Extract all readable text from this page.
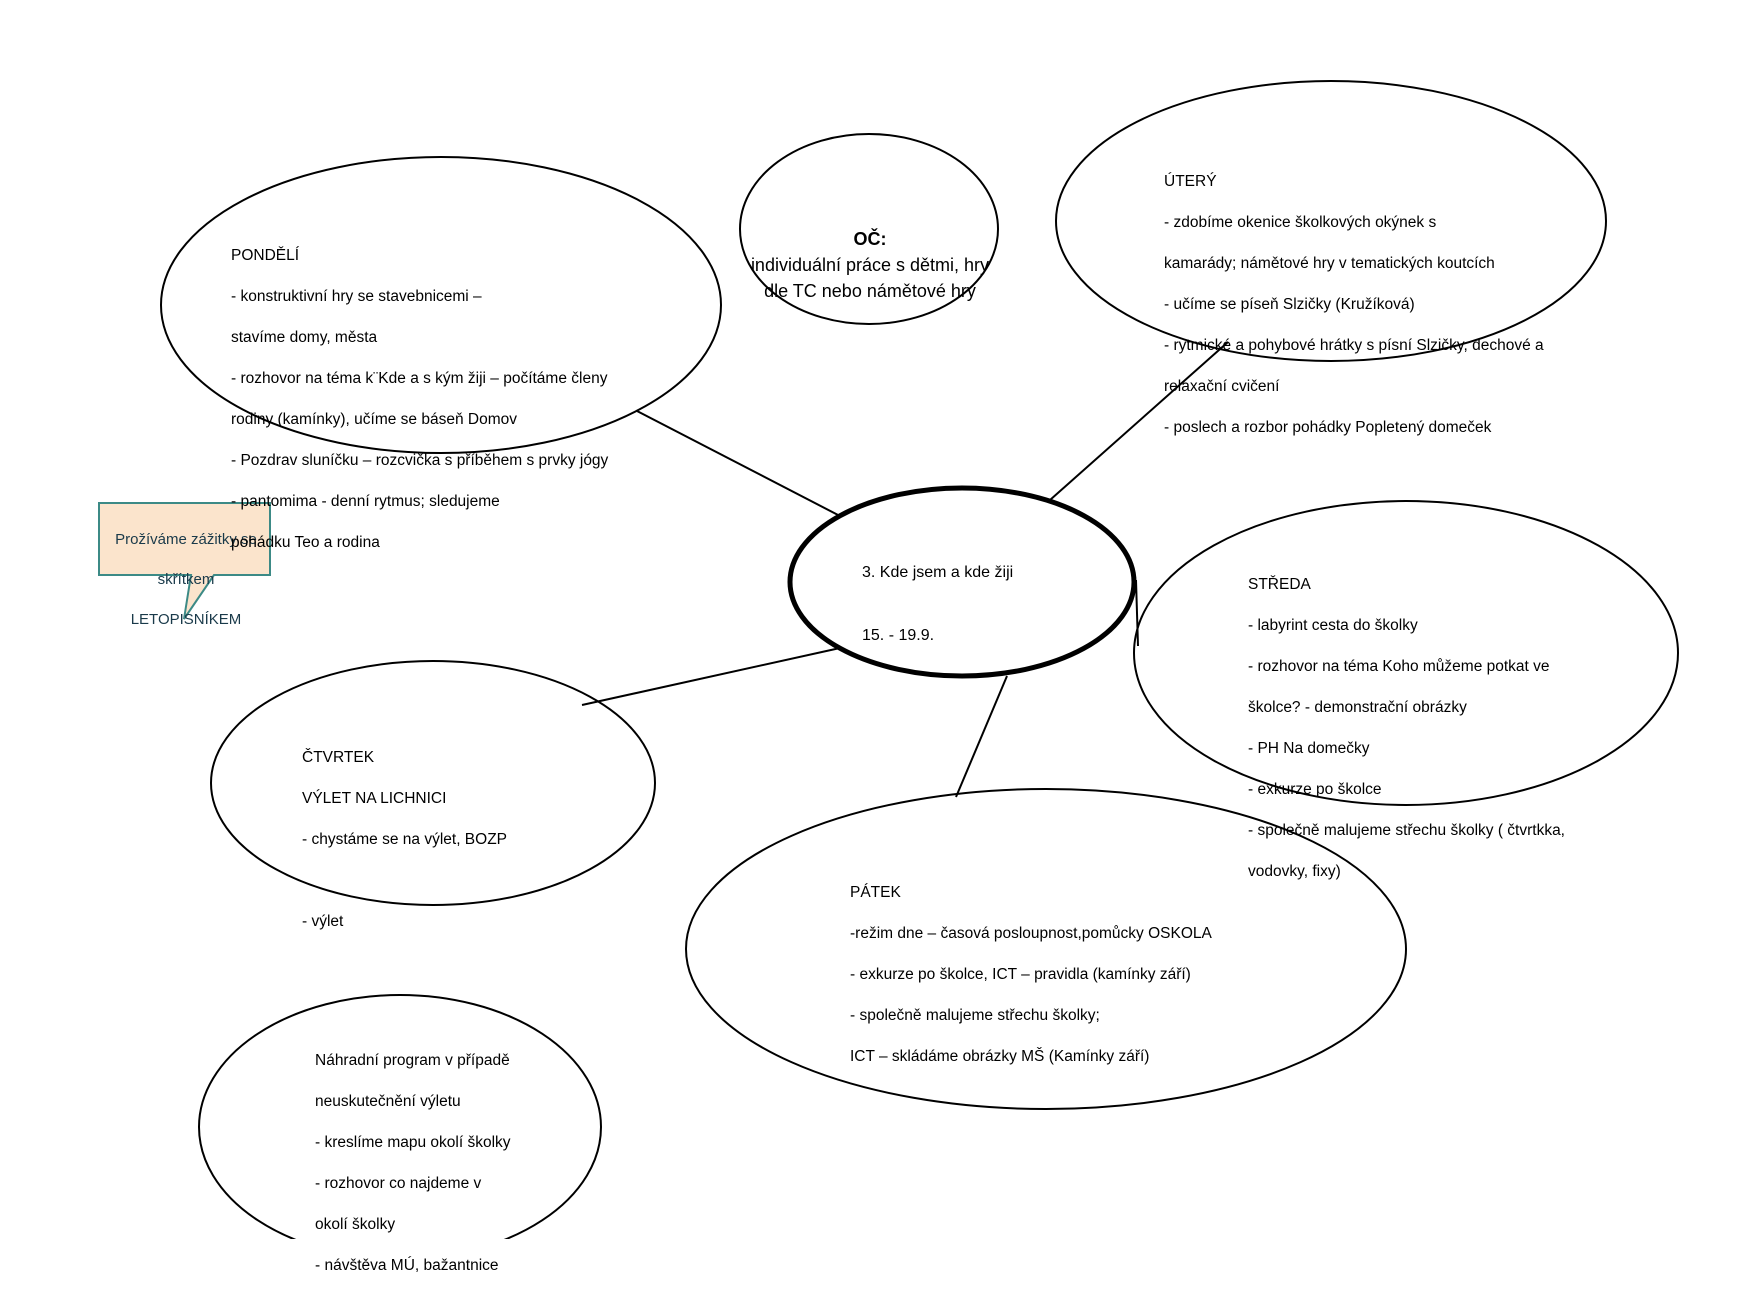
3. Kde jsem a kde žiji

15. - 19.9.

OČ:
individuální práce s dětmi, hry dle TC nebo námětové hry

Prožíváme zážitky se

skřítkem

LETOPISNÍKEM

PONDĚLÍ

- konstruktivní hry se stavebnicemi –

stavíme domy, města

- rozhovor na téma k¨Kde a s kým žiji – počítáme členy

rodiny (kamínky), učíme se báseň Domov

- Pozdrav sluníčku – rozcvička s příběhem s prvky jógy

- pantomima - denní rytmus; sledujeme

pohádku Teo a rodina

ÚTERÝ

- zdobíme okenice školkových okýnek s

kamarády; námětové hry v tematických koutcích

- učíme se píseň Slzičky (Kružíková)

- rytmické a pohybové hrátky s písní Slzičky, dechové a

relaxační cvičení

- poslech a rozbor pohádky Popletený domeček

STŘEDA

- labyrint cesta do školky

- rozhovor na téma Koho můžeme potkat ve

školce? - demonstrační obrázky

- PH Na domečky

- exkurze po školce

- společně malujeme střechu školky ( čtvrtkka,

vodovky, fixy)

ČTVRTEK

VÝLET NA LICHNICI

- chystáme se na výlet, BOZP

- výlet

PÁTEK

-režim dne – časová posloupnost,pomůcky OSKOLA

- exkurze po školce, ICT – pravidla (kamínky září)

- společně malujeme střechu školky;

ICT – skládáme obrázky MŠ (Kamínky září)

Náhradní program v případě

neuskutečnění výletu

- kreslíme mapu okolí školky

- rozhovor co najdeme v

okolí školky

- návštěva MÚ, bažantnice
